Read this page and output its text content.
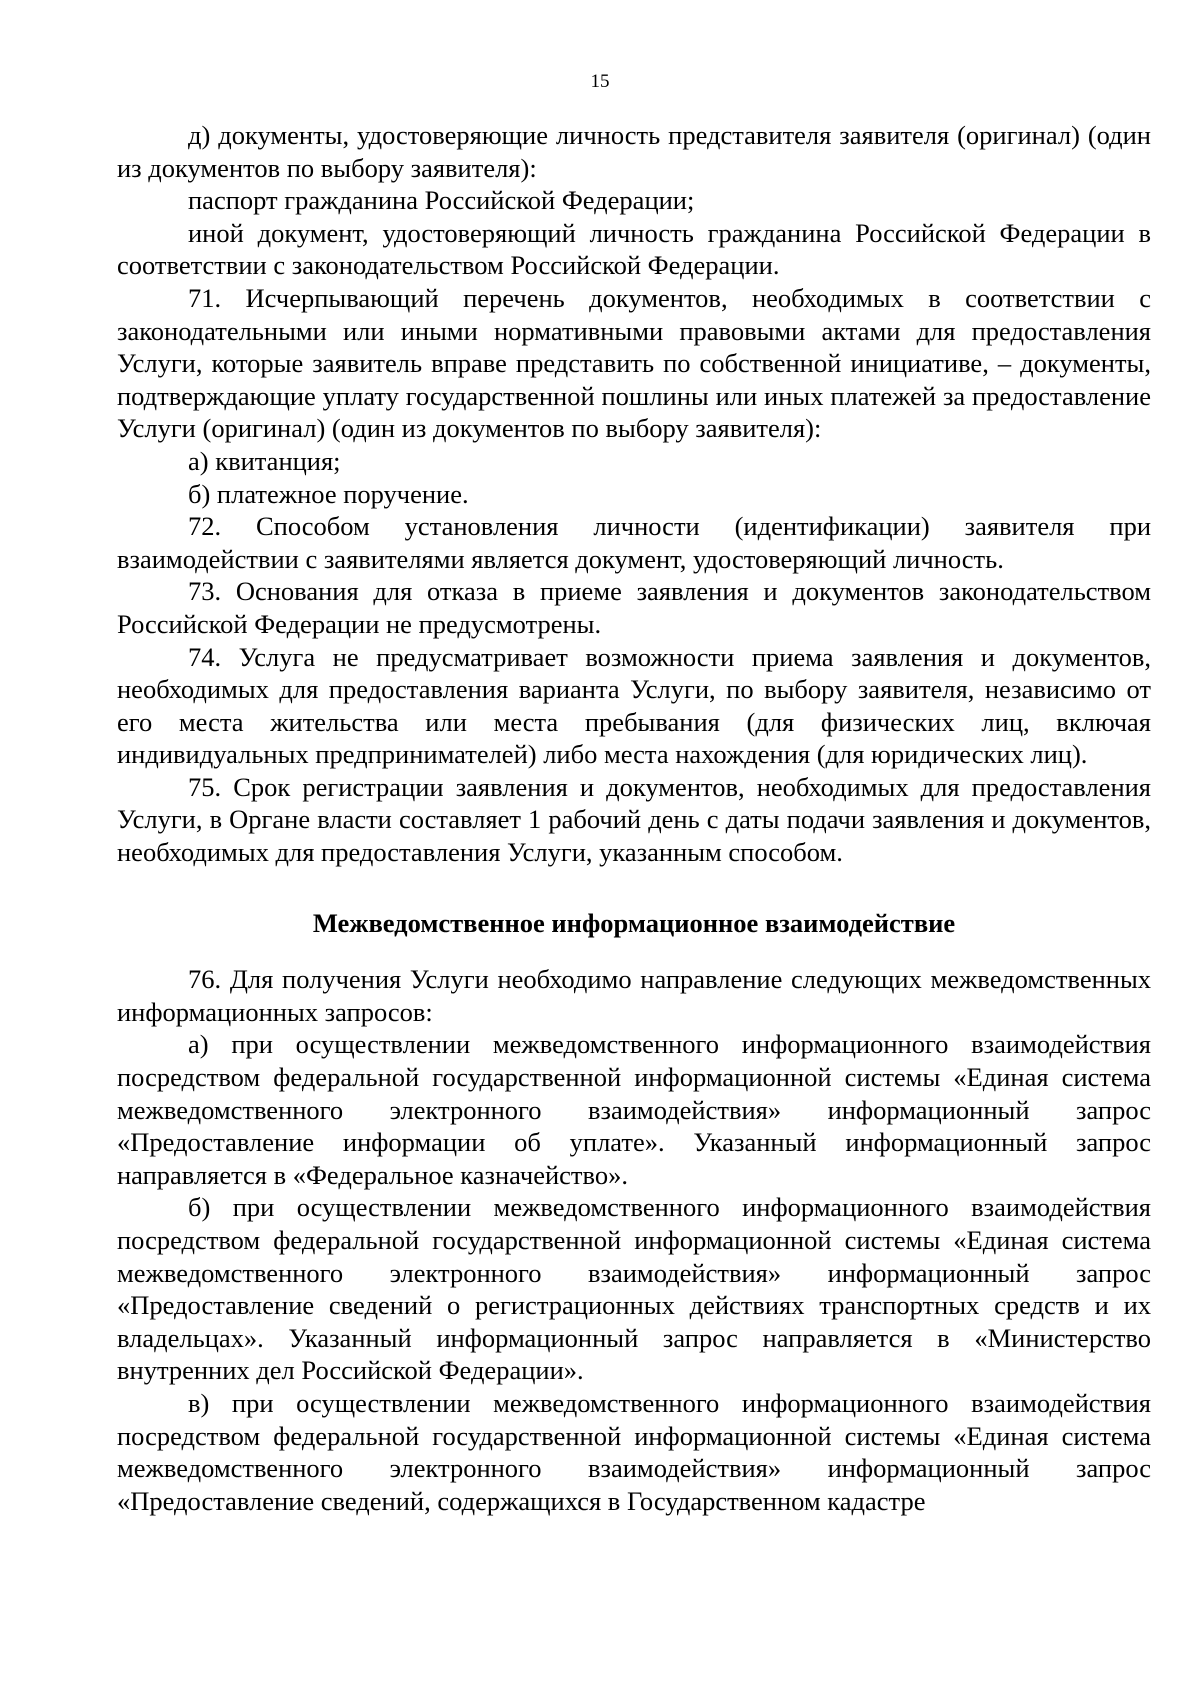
15

д) документы, удостоверяющие личность представителя заявителя (оригинал) (один из документов по выбору заявителя):

паспорт гражданина Российской Федерации;

иной документ, удостоверяющий личность гражданина Российской Федерации в соответствии с законодательством Российской Федерации.

71. Исчерпывающий перечень документов, необходимых в соответствии с законодательными или иными нормативными правовыми актами для предоставления Услуги, которые заявитель вправе представить по собственной инициативе, – документы, подтверждающие уплату государственной пошлины или иных платежей за предоставление Услуги (оригинал) (один из документов по выбору заявителя):

а) квитанция;

б) платежное поручение.

72. Способом установления личности (идентификации) заявителя при взаимодействии с заявителями является документ, удостоверяющий личность.

73. Основания для отказа в приеме заявления и документов законодательством Российской Федерации не предусмотрены.

74. Услуга не предусматривает возможности приема заявления и документов, необходимых для предоставления варианта Услуги, по выбору заявителя, независимо от его места жительства или места пребывания (для физических лиц, включая индивидуальных предпринимателей) либо места нахождения (для юридических лиц).

75. Срок регистрации заявления и документов, необходимых для предоставления Услуги, в Органе власти составляет 1 рабочий день с даты подачи заявления и документов, необходимых для предоставления Услуги, указанным способом.

Межведомственное информационное взаимодействие

76. Для получения Услуги необходимо направление следующих межведомственных информационных запросов:

а) при осуществлении межведомственного информационного взаимодействия посредством федеральной государственной информационной системы «Единая система межведомственного электронного взаимодействия» информационный запрос «Предоставление информации об уплате». Указанный информационный запрос направляется в «Федеральное казначейство».

б) при осуществлении межведомственного информационного взаимодействия посредством федеральной государственной информационной системы «Единая система межведомственного электронного взаимодействия» информационный запрос «Предоставление сведений о регистрационных действиях транспортных средств и их владельцах». Указанный информационный запрос направляется в «Министерство внутренних дел Российской Федерации».

в) при осуществлении межведомственного информационного взаимодействия посредством федеральной государственной информационной системы «Единая система межведомственного электронного взаимодействия» информационный запрос «Предоставление сведений, содержащихся в Государственном кадастре
